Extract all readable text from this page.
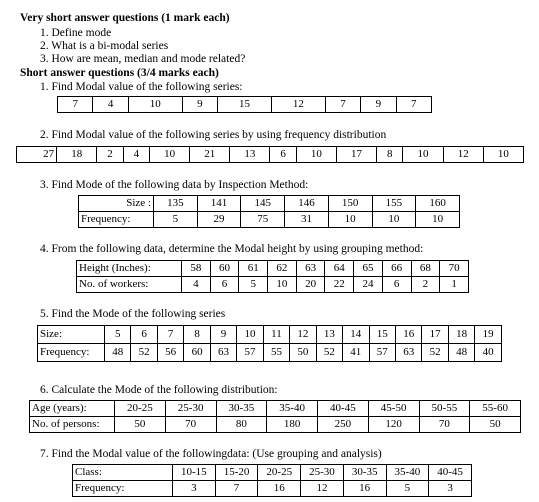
Very short answer questions (1 mark each)
1. Define mode
2. What is a bi-modal series
3. How are mean, median and mode related?
Short answer questions (3/4 marks each)
1. Find Modal value of the following series:
7	4	10	9	15	12	7	9	7
2. Find Modal value of the following series by using frequency distribution
27	18	2	4	10	21	13	6	10	17	8	10	12	10
3. Find Mode of the following data by Inspection Method:
Size :	135	141	145	146	150	155	160
Frequency:	5	29	75	31	10	10	10
4. From the following data, determine the Modal height by using grouping method:
Height (Inches):	58	60	61	62	63	64	65	66	68	70
No. of workers:	4	6	5	10	20	22	24	6	2	1
5. Find the Mode of the following series
Size:	5	6	7	8	9	10	11	12	13	14	15	16	17	18	19
Frequency:	48	52	56	60	63	57	55	50	52	41	57	63	52	48	40
6. Calculate the Mode of the following distribution:
Age (years):	20-25	25-30	30-35	35-40	40-45	45-50	50-55	55-60
No. of persons:	50	70	80	180	250	120	70	50
7. Find the Modal value of the followingdata: (Use grouping and analysis)
Class:	10-15	15-20	20-25	25-30	30-35	35-40	40-45
Frequency:	3	7	16	12	16	5	3
